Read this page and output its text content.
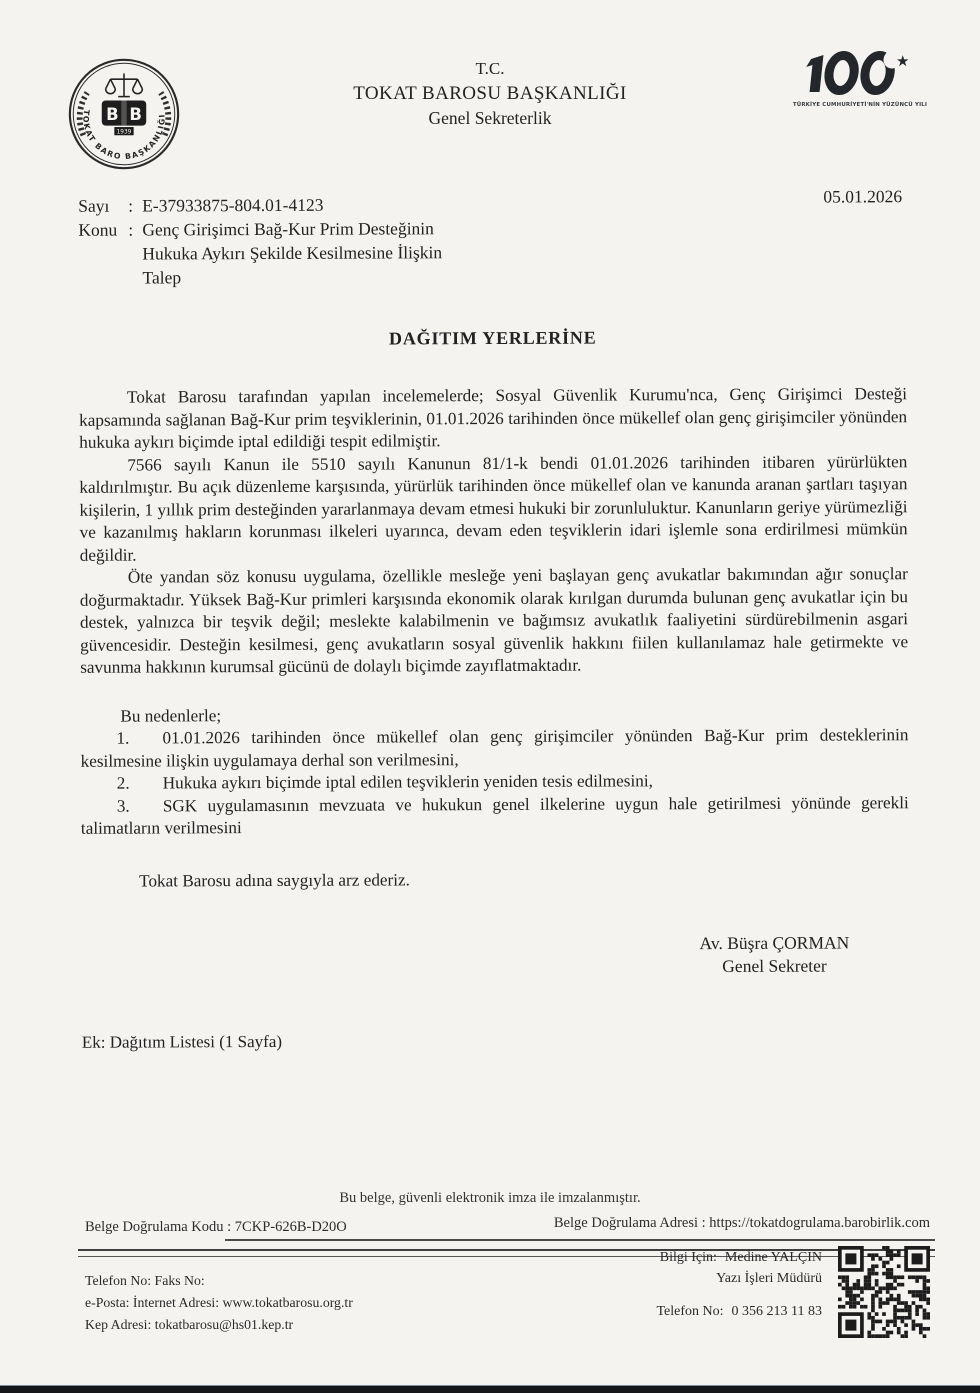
B B
1939
TOKAT BARO BAŞKANLIĞI
T.C.
TOKAT BAROSU BAŞKANLIĞI
Genel Sekreterlik
★
TÜRKİYE CUMHURİYETİ'NİN YÜZÜNCÜ YILI
05.01.2026
Sayı	: E-37933875-804.01-4123
Konu : Genç Girişimci Bağ-Kur Prim Desteğinin
Hukuka Aykırı Şekilde Kesilmesine İlişkin
Talep
DAĞITIM YERLERİNE

Tokat Barosu tarafından yapılan incelemelerde; Sosyal Güvenlik Kurumu'nca, Genç Girişimci Desteği kapsamında sağlanan Bağ-Kur prim teşviklerinin, 01.01.2026 tarihinden önce mükellef olan genç girişimciler yönünden hukuka aykırı biçimde iptal edildiği tespit edilmiştir.

7566 sayılı Kanun ile 5510 sayılı Kanunun 81/1-k bendi 01.01.2026 tarihinden itibaren yürürlükten kaldırılmıştır. Bu açık düzenleme karşısında, yürürlük tarihinden önce mükellef olan ve kanunda aranan şartları taşıyan kişilerin, 1 yıllık prim desteğinden yararlanmaya devam etmesi hukuki bir zorunluluktur. Kanunların geriye yürümezliği ve kazanılmış hakların korunması ilkeleri uyarınca, devam eden teşviklerin idari işlemle sona erdirilmesi mümkün değildir.

Öte yandan söz konusu uygulama, özellikle mesleğe yeni başlayan genç avukatlar bakımından ağır sonuçlar doğurmaktadır. Yüksek Bağ-Kur primleri karşısında ekonomik olarak kırılgan durumda bulunan genç avukatlar için bu destek, yalnızca bir teşvik değil; meslekte kalabilmenin ve bağımsız avukatlık faaliyetini sürdürebilmenin asgari güvencesidir. Desteğin kesilmesi, genç avukatların sosyal güvenlik hakkını fiilen kullanılamaz hale getirmekte ve savunma hakkının kurumsal gücünü de dolaylı biçimde zayıflatmaktadır.

Bu nedenlerle;

1. 01.01.2026 tarihinden önce mükellef olan genç girişimciler yönünden Bağ-Kur prim desteklerinin kesilmesine ilişkin uygulamaya derhal son verilmesini,

2. Hukuka aykırı biçimde iptal edilen teşviklerin yeniden tesis edilmesini,

3. SGK uygulamasının mevzuata ve hukukun genel ilkelerine uygun hale getirilmesi yönünde gerekli talimatların verilmesini

Tokat Barosu adına saygıyla arz ederiz.

Av. Büşra ÇORMAN
Genel Sekreter
Ek: Dağıtım Listesi (1 Sayfa)
Bu belge, güvenli elektronik imza ile imzalanmıştır.
Belge Doğrulama Kodu : 7CKP-626B-D20O	Belge Doğrulama Adresi : https://tokatdogrulama.barobirlik.com
Telefon No: Faks No:
e-Posta: İnternet Adresi: www.tokatbarosu.org.tr
Kep Adresi: tokatbarosu@hs01.kep.tr
Bilgi İçin: Medine YALÇIN
Yazı İşleri Müdürü
Telefon No: 0 356 213 11 83
